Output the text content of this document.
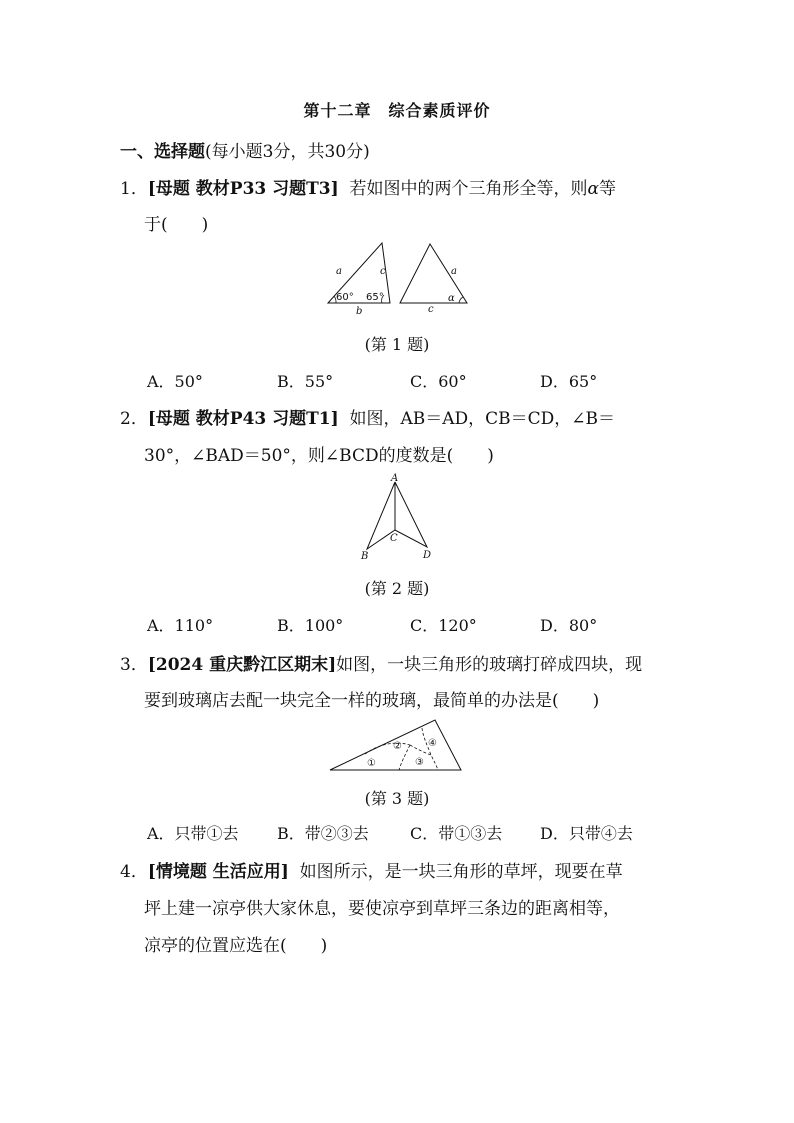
第十二章　综合素质评价
一、选择题(每小题3分，共30分)
1．[母题 教材P33 习题T3] 若如图中的两个三角形全等，则α等
于(　　)
a	c
b
60° 65°
a
c
α
(第 1 题)
A．50°	B．55°	C．60°	D．65°
2．[母题 教材P43 习题T1] 如图，AB＝AD，CB＝CD，∠B＝
30°，∠BAD＝50°，则∠BCD的度数是(　　)
A
B
C
D
(第 2 题)
A．110°	B．100°	C．120°	D．80°
3．[2024 重庆黔江区期末]如图，一块三角形的玻璃打碎成四块，现
要到玻璃店去配一块完全一样的玻璃，最简单的办法是(　　)
①
②
③
④
(第 3 题)
A．只带①去 B．带②③去	C．带①③去 D．只带④去
4．[情境题 生活应用] 如图所示，是一块三角形的草坪，现要在草
坪上建一凉亭供大家休息，要使凉亭到草坪三条边的距离相等，
凉亭的位置应选在(　　)
